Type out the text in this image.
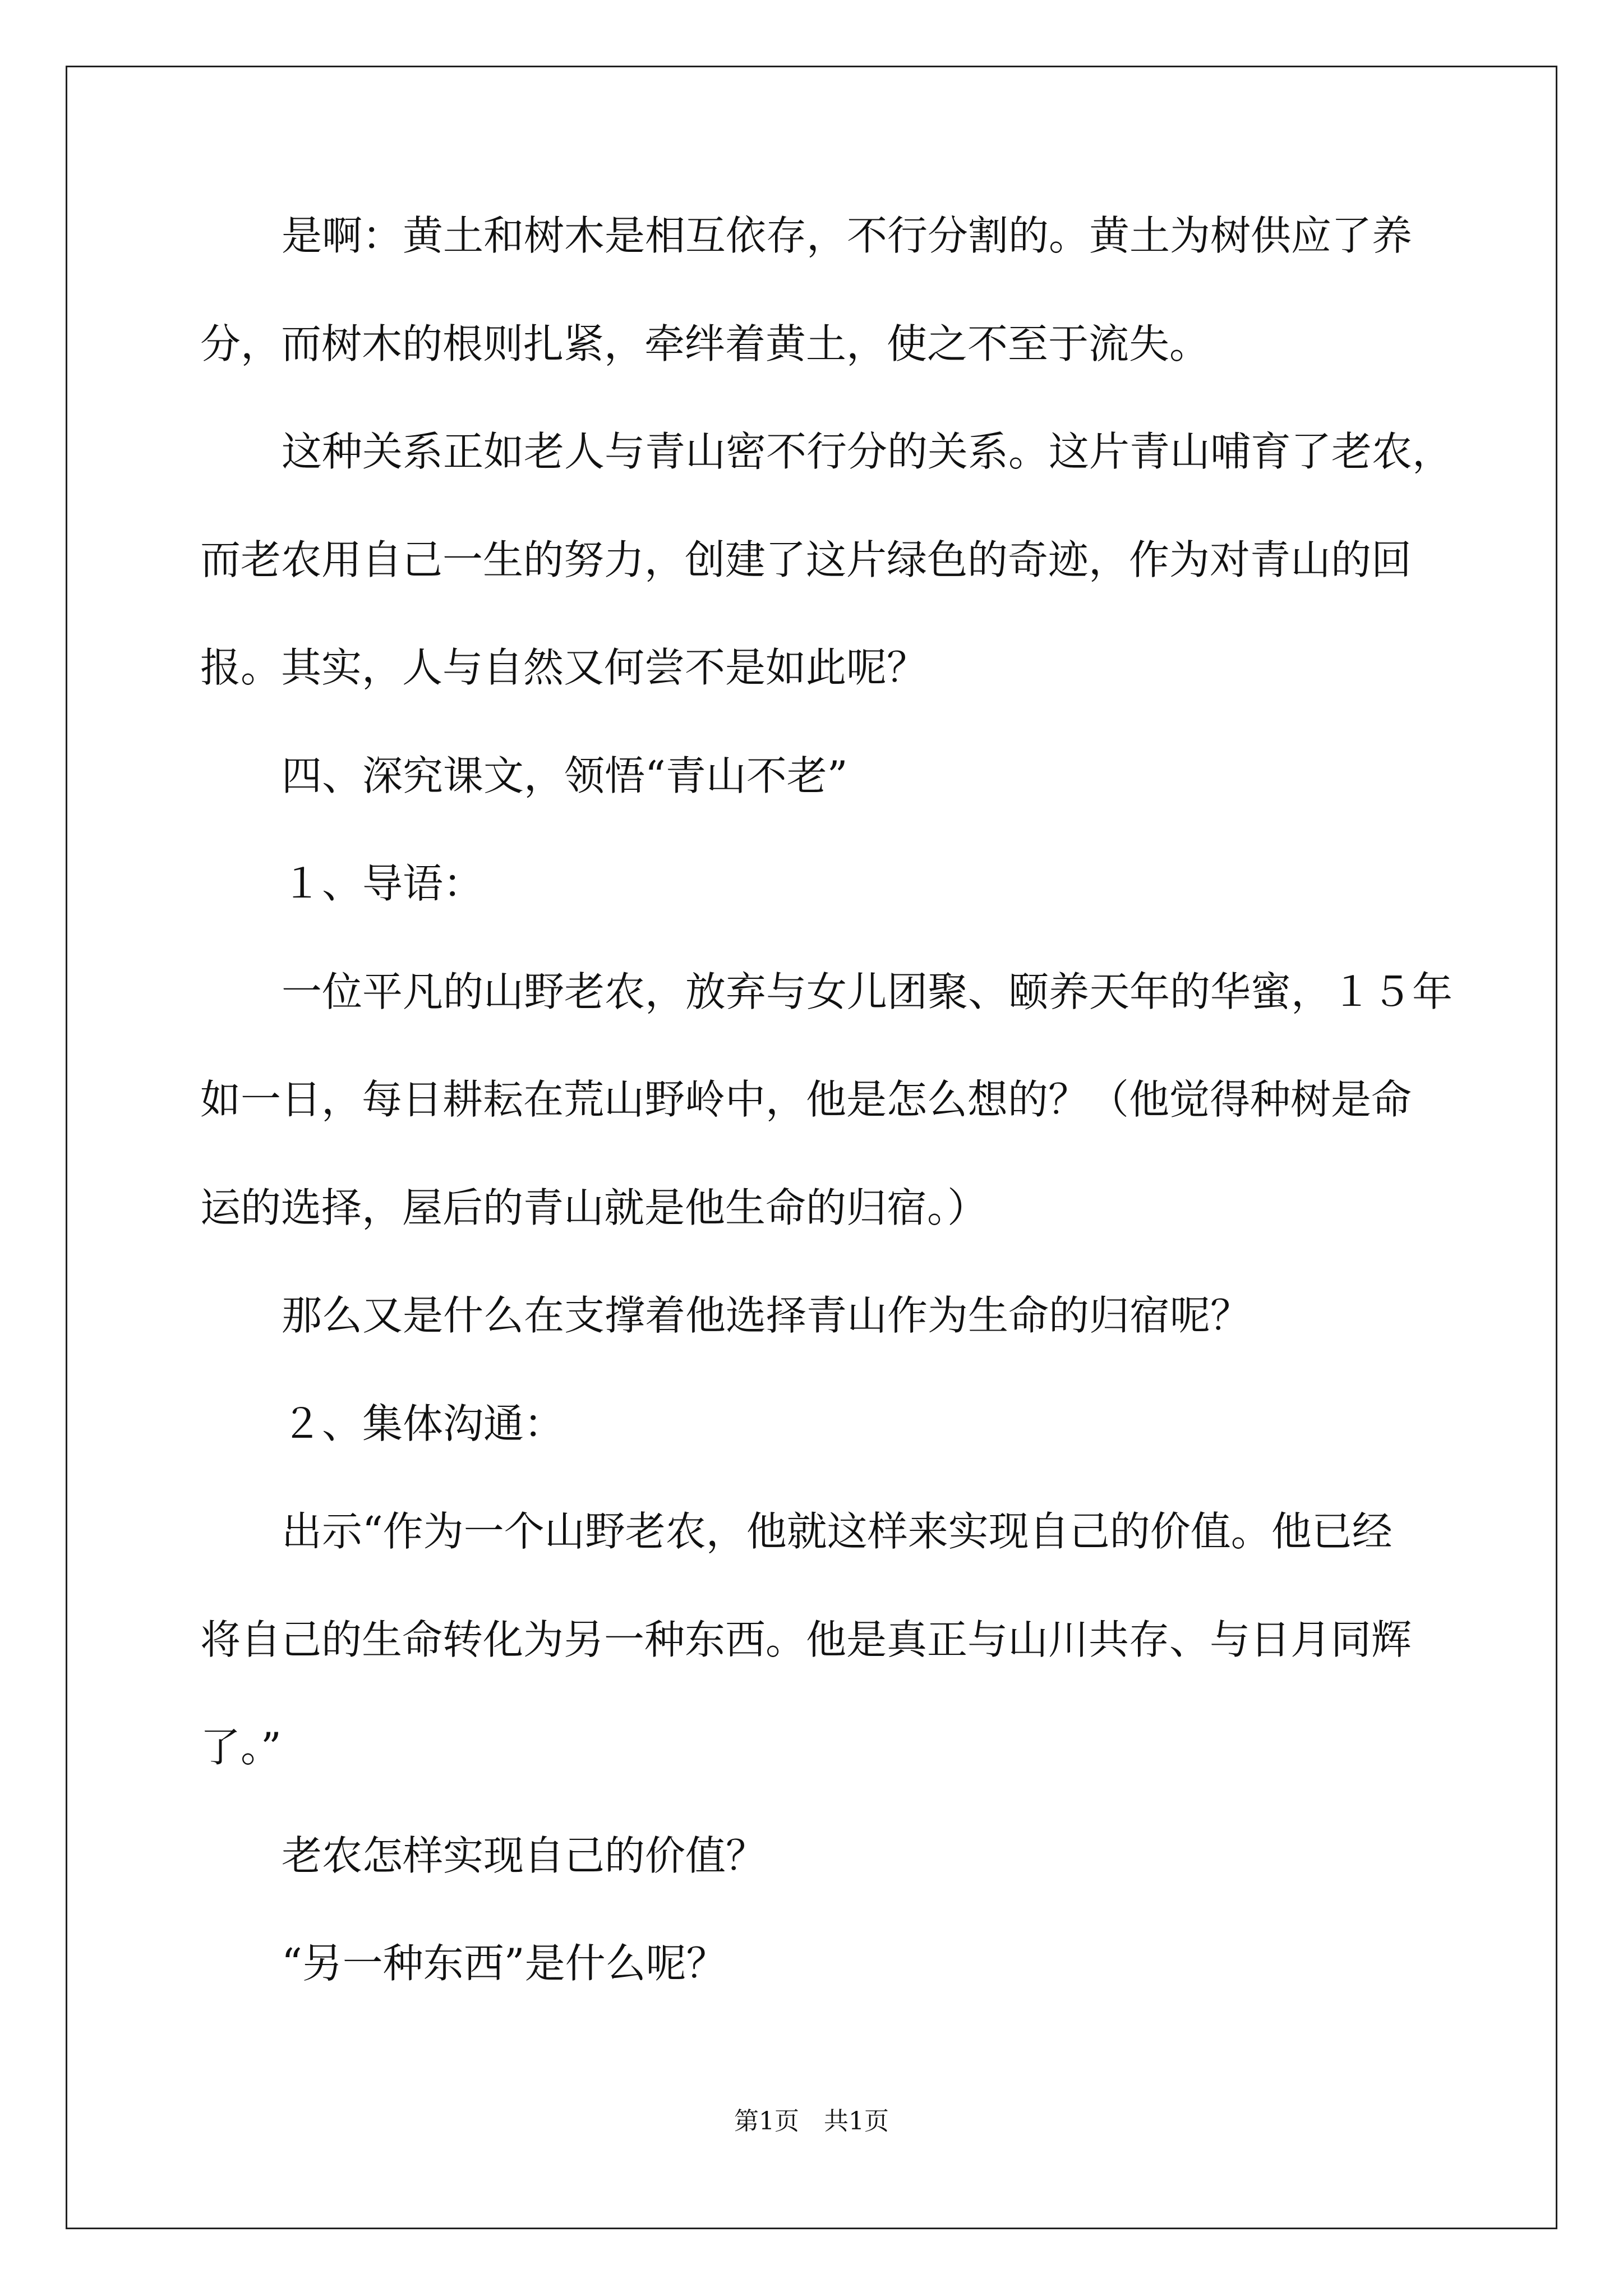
是啊：黄土和树木是相互依存，不行分割的。黄土为树供应了养
分，而树木的根则扎紧，牵绊着黄土，使之不至于流失。
这种关系正如老人与青山密不行分的关系。这片青山哺育了老农，
而老农用自己一生的努力，创建了这片绿色的奇迹，作为对青山的回
报。其实，人与自然又何尝不是如此呢？
四、深究课文，领悟“青山不老”
１、导语：
一位平凡的山野老农，放弃与女儿团聚、颐养天年的华蜜，１５年
如一日，每日耕耘在荒山野岭中，他是怎么想的？（他觉得种树是命
运的选择，屋后的青山就是他生命的归宿。）
那么又是什么在支撑着他选择青山作为生命的归宿呢？
２、集体沟通：
出示“作为一个山野老农，他就这样来实现自己的价值。他已经
将自己的生命转化为另一种东西。他是真正与山川共存、与日月同辉
了。”
老农怎样实现自己的价值？
“另一种东西”是什么呢？
第1页　共1页
